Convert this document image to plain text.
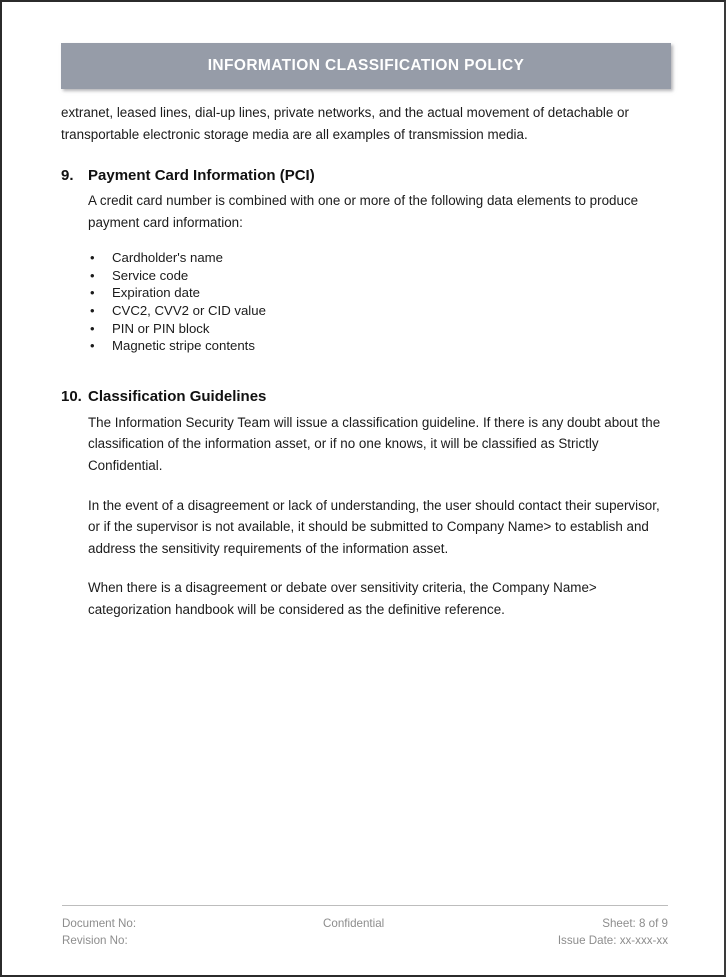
INFORMATION CLASSIFICATION POLICY

extranet, leased lines, dial-up lines, private networks, and the actual movement of detachable or transportable electronic storage media are all examples of transmission media.

9. Payment Card Information (PCI)

A credit card number is combined with one or more of the following data elements to produce payment card information:

• Cardholder's name
• Service code
• Expiration date
• CVC2, CVV2 or CID value
• PIN or PIN block
• Magnetic stripe contents
10. Classification Guidelines

The Information Security Team will issue a classification guideline. If there is any doubt about the classification of the information asset, or if no one knows, it will be classified as Strictly Confidential.

In the event of a disagreement or lack of understanding, the user should contact their supervisor, or if the supervisor is not available, it should be submitted to Company Name> to establish and address the sensitivity requirements of the information asset.

When there is a disagreement or debate over sensitivity criteria, the Company Name> categorization handbook will be considered as the definitive reference.

Document No:
Revision No:
Confidential	Sheet: 8 of 9
Issue Date: xx-xxx-xx
